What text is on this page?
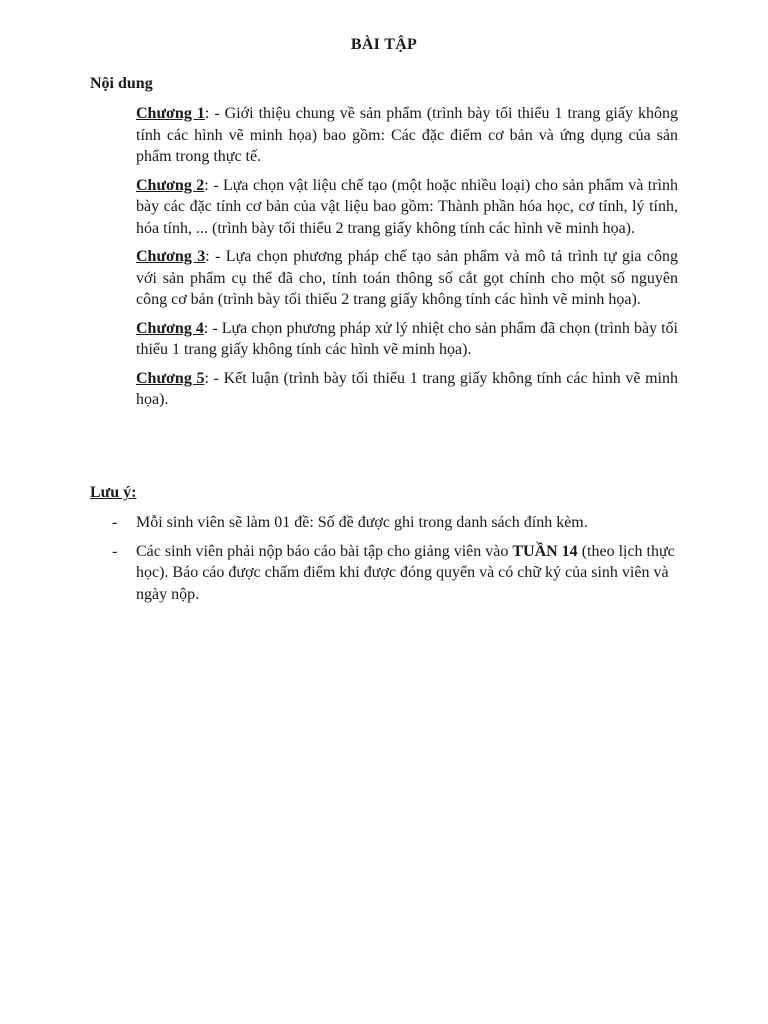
BÀI TẬP
Nội dung

Chương 1: - Giới thiệu chung về sản phẩm (trình bày tối thiểu 1 trang giấy không tính các hình vẽ minh họa) bao gồm: Các đặc điểm cơ bản và ứng dụng của sản phẩm trong thực tế.

Chương 2: - Lựa chọn vật liệu chế tạo (một hoặc nhiều loại) cho sản phẩm và trình bày các đặc tính cơ bản của vật liệu bao gồm: Thành phần hóa học, cơ tính, lý tính, hóa tính, ... (trình bày tối thiểu 2 trang giấy không tính các hình vẽ minh họa).

Chương 3: - Lựa chọn phương pháp chế tạo sản phẩm và mô tả trình tự gia công với sản phẩm cụ thể đã cho, tính toán thông số cắt gọt chính cho một số nguyên công cơ bản (trình bày tối thiểu 2 trang giấy không tính các hình vẽ minh họa).

Chương 4: - Lựa chọn phương pháp xử lý nhiệt cho sản phẩm đã chọn (trình bày tối thiểu 1 trang giấy không tính các hình vẽ minh họa).

Chương 5: - Kết luận (trình bày tối thiểu 1 trang giấy không tính các hình vẽ minh họa).

Lưu ý:
- Mỗi sinh viên sẽ làm 01 đề: Số đề được ghi trong danh sách đính kèm.
- Các sinh viên phải nộp báo cáo bài tập cho giảng viên vào TUẦN 14 (theo lịch thực học). Báo cáo được chấm điểm khi được đóng quyển và có chữ ký của sinh viên và ngày nộp.
